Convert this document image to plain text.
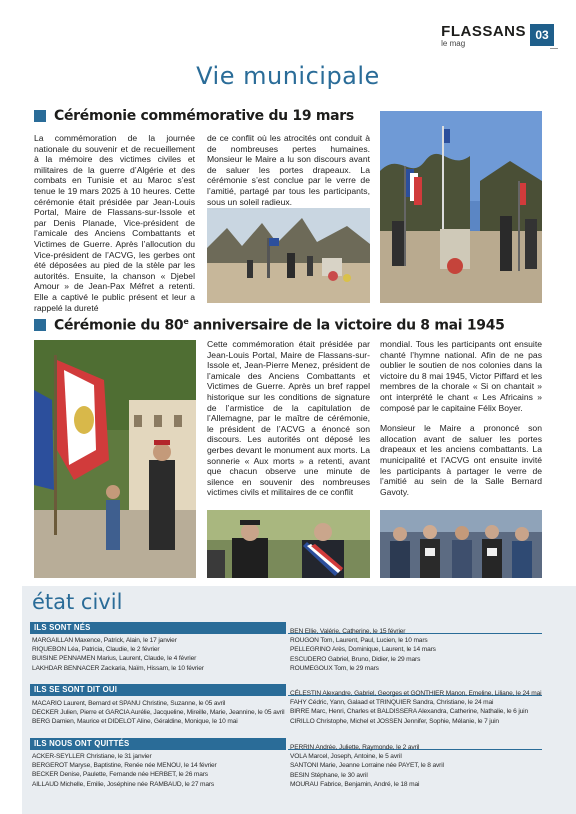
FLASSANS
le mag
03
Vie municipale
Cérémonie commémorative du 19 mars
La commémoration de la journée nationale du souvenir et de recueillement à la mémoire des victimes civiles et militaires de la guerre d’Algérie et des combats en Tunisie et au Maroc s’est tenue le 19 mars 2025 à 10 heures. Cette cérémonie était présidée par Jean-Louis Portal, Maire de Flassans-sur-Issole et par Denis Planade, Vice-président de l’amicale des Anciens Combattants et Victimes de Guerre. Après l’allocution du Vice-président de l’ACVG, les gerbes ont été déposées au pied de la stèle par les autorités. Ensuite, la chanson « Djebel Amour » de Jean-Pax Méfret a retenti. Elle a captivé le public présent et leur a rappelé la dureté
de ce conflit où les atrocités ont conduit à de nombreuses pertes humaines. Monsieur le Maire a lu son discours avant de saluer les portes drapeaux. La cérémonie s’est conclue par le verre de l’amitié, partagé par tous les participants, sous un soleil radieux.
Cérémonie du 80e anniversaire de la victoire du 8 mai 1945
Cette commémoration était présidée par Jean-Louis Portal, Maire de Flassans-sur-Issole et, Jean-Pierre Menez, président de l’amicale des Anciens Combattants et Victimes de Guerre. Après un bref rappel historique sur les conditions de signature de l’armistice de la capitulation de l’Allemagne, par le maître de cérémonie, le président de l’ACVG a énoncé son discours. Les autorités ont déposé les gerbes devant le monument aux morts. La sonnerie « Aux morts » a retenti, avant que chacun observe une minute de silence en souvenir des nombreuses victimes civils et militaires de ce conflit

mondial. Tous les participants ont ensuite chanté l’hymne national. Afin de ne pas oublier le soutien de nos colonies dans la victoire du 8 mai 1945, Victor Piffard et les membres de la chorale « Si on chantait » ont interprété le chant « Les Africains » composé par le capitaine Félix Boyer.

Monsieur le Maire a prononcé son allocation avant de saluer les portes drapeaux et les anciens combattants. La municipalité et l’ACVG ont ensuite invité les participants à partager le verre de l’amitié au sein de la Salle Bernard Gavoty.

état civil
ILS SONT NÉS
MARGAILLAN Maxence, Patrick, Alain, le 17 janvier
RIQUEBON Léa, Patricia, Claudie, le 2 février
BUISINE PENNAMEN Marius, Laurent, Claude, le 4 février
LAKHDAR BENNACER Zackaria, Naïm, Hissam, le 10 février
BEN Ellie, Valérie, Catherine, le 15 février
ROUGON Tom, Laurent, Paul, Lucien, le 10 mars
PELLEGRINO Arès, Dominique, Laurent, le 14 mars
ESCUDERO Gabriel, Bruno, Didier, le 29 mars
ROUMEGOUX Tom, le 29 mars
ILS SE SONT DIT OUI
MACARIO Laurent, Bernard et SPANU Christine, Suzanne, le 05 avril
DECKER Julien, Pierre et GARCIA Aurélie, Jacqueline, Mireille, Marie, Jeannine, le 05 avril
BERG Damien, Maurice et DIDELOT Aline, Géraldine, Monique, le 10 mai
CÉLESTIN Alexandre, Gabriel, Georges et GONTHIER Manon, Emeline, Liliane, le 24 mai
FAHY Cédric, Yann, Galaad et TRINQUIER Sandra, Christiane, le 24 mai
BIRRE Marc, Henri, Charles et BALDISSERA Alexandra, Catherine, Nathalie, le 6 juin
CIRILLO Christophe, Michel et JOSSEN Jennifer, Sophie, Mélanie, le 7 juin
ILS NOUS ONT QUITTÉS
ACKER-SEYLLER Christiane, le 31 janvier
BERGEROT Maryse, Baptistine, Renée née MENOU, le 14 février
BECKER Denise, Paulette, Fernande née HERBET, le 26 mars
AILLAUD Michelle, Emilie, Joséphine née RAMBAUD, le 27 mars
PERRIN Andrée, Juliette, Raymonde, le 2 avril
VOLA Marcel, Joseph, Antoine, le 5 avril
SANTONI Marie, Jeanne Lorraine née PAYET, le 8 avril
BESIN Stéphane, le 30 avril
MOURAU Fabrice, Benjamin, André, le 18 mai
